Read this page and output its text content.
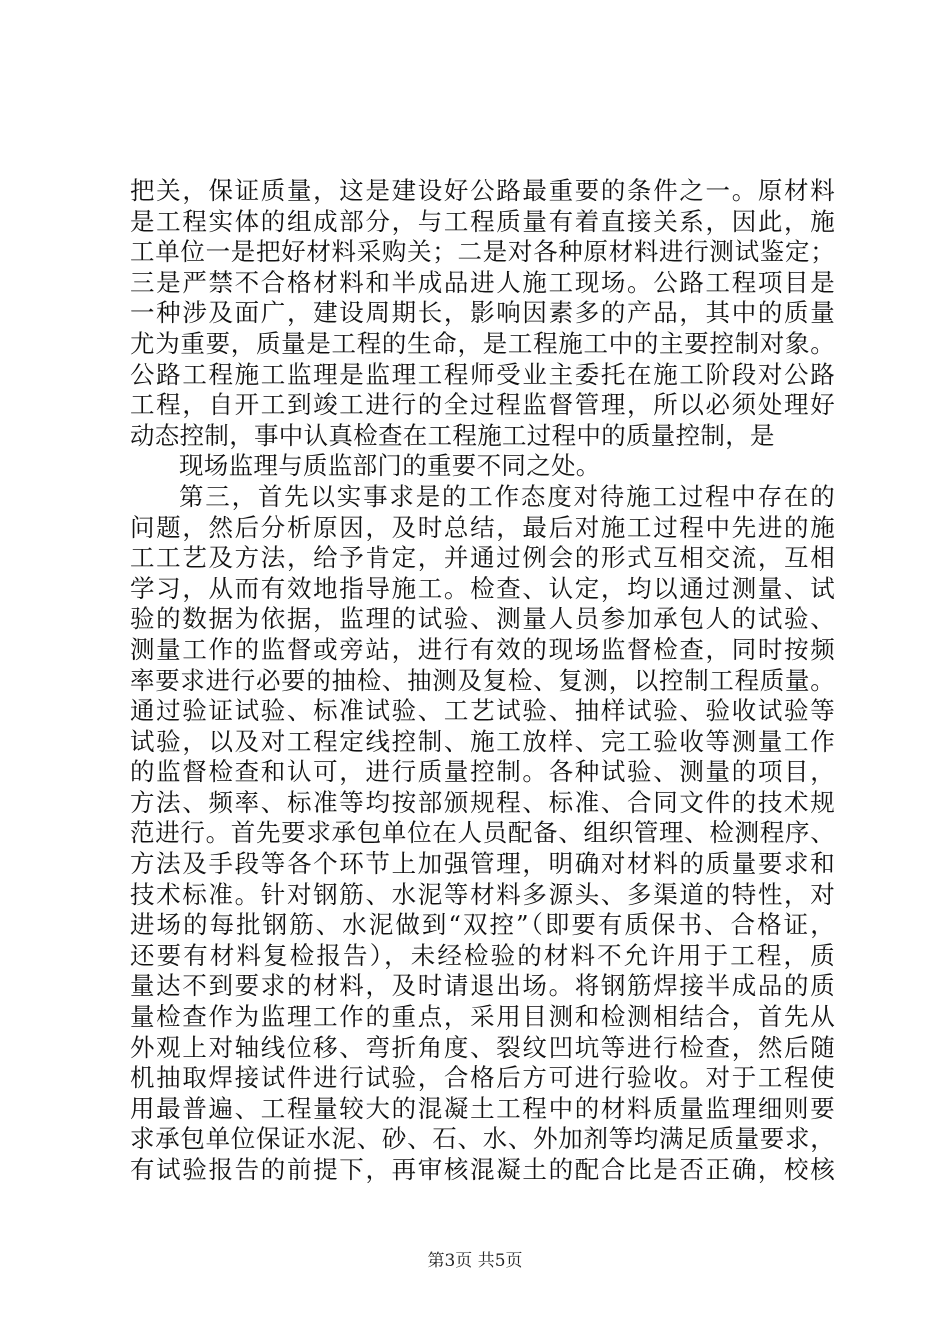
把关，保证质量，这是建设好公路最重要的条件之一。原材料
是工程实体的组成部分，与工程质量有着直接关系，因此，施
工单位一是把好材料采购关；二是对各种原材料进行测试鉴定；
三是严禁不合格材料和半成品进人施工现场。公路工程项目是
一种涉及面广，建设周期长，影响因素多的产品，其中的质量
尤为重要，质量是工程的生命，是工程施工中的主要控制对象。
公路工程施工监理是监理工程师受业主委托在施工阶段对公路
工程，自开工到竣工进行的全过程监督管理，所以必须处理好
动态控制，事中认真检查在工程施工过程中的质量控制，是
现场监理与质监部门的重要不同之处。
第三，首先以实事求是的工作态度对待施工过程中存在的
问题，然后分析原因，及时总结，最后对施工过程中先进的施
工工艺及方法，给予肯定，并通过例会的形式互相交流，互相
学习，从而有效地指导施工。检查、认定，均以通过测量、试
验的数据为依据，监理的试验、测量人员参加承包人的试验、
测量工作的监督或旁站，进行有效的现场监督检查，同时按频
率要求进行必要的抽检、抽测及复检、复测，以控制工程质量。
通过验证试验、标准试验、工艺试验、抽样试验、验收试验等
试验，以及对工程定线控制、施工放样、完工验收等测量工作
的监督检查和认可，进行质量控制。各种试验、测量的项目，
方法、频率、标准等均按部颁规程、标准、合同文件的技术规
范进行。首先要求承包单位在人员配备、组织管理、检测程序、
方法及手段等各个环节上加强管理，明确对材料的质量要求和
技术标准。针对钢筋、水泥等材料多源头、多渠道的特性，对
进场的每批钢筋、水泥做到“双控”（即要有质保书、合格证，
还要有材料复检报告），未经检验的材料不允许用于工程，质
量达不到要求的材料，及时请退出场。将钢筋焊接半成品的质
量检查作为监理工作的重点，采用目测和检测相结合，首先从
外观上对轴线位移、弯折角度、裂纹凹坑等进行检查，然后随
机抽取焊接试件进行试验，合格后方可进行验收。对于工程使
用最普遍、工程量较大的混凝土工程中的材料质量监理细则要
求承包单位保证水泥、砂、石、水、外加剂等均满足质量要求，
有试验报告的前提下，再审核混凝土的配合比是否正确，校核
第3页 共5页
